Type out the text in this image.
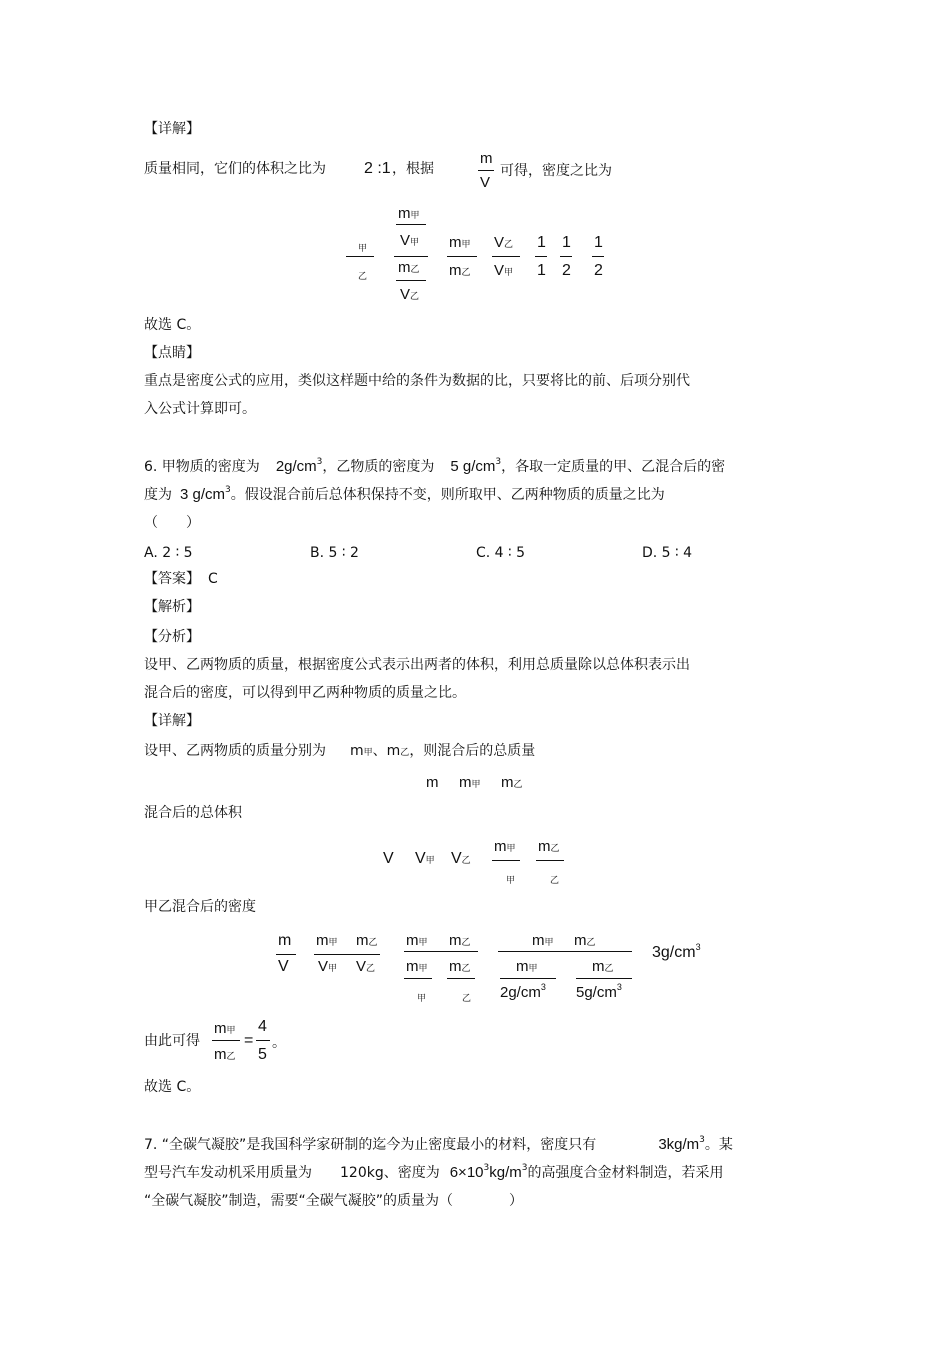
【详解】
质量相同，它们的体积之比为 2 :1 ，根据
m
V
可得，密度之比为
甲
乙
m甲
V甲
m乙
V乙
m甲
m乙
V乙
V甲
1
1
1
2
1
2
故选 C。
【点睛】
重点是密度公式的应用，类似这样题中给的条件为数据的比，只要将比的前、后项分别代
入公式计算即可。
6. 甲物质的密度为 $2g/cm^3$，乙物质的密度为 5 $g/cm^3$，各取一定质量的甲、乙混合后的密
度为 3 $g/cm^3$。假设混合前后总体积保持不变，则所取甲、乙两种物质的质量之比为
（　　）
A. 2 ∶ 5	B. 5 ∶ 2	C. 4 ∶ 5	D. 5 ∶ 4
【答案】 C
【解析】
【分析】
设甲、乙两物质的质量，根据密度公式表示出两者的体积，利用总质量除以总体积表示出
混合后的密度，可以得到甲乙两种物质的质量之比。
【详解】
设甲、乙两物质的质量分别为 m甲、m乙，则混合后的总质量
m m甲 m乙
混合后的总体积
V V甲 V乙
m甲
甲
m乙
乙
甲乙混合后的密度
m
V
m甲 m乙
V甲 V乙
m甲 m乙
m甲
甲
m乙
乙
m甲 m乙
m甲
$2g/cm^3$
m乙
$5g/cm^3$
$3g/cm^3$
由此可得
m甲
m乙
=
4
5
。
故选 C。
7. “全碳气凝胶”是我国科学家研制的迄今为止密度最小的材料，密度只有	$3kg/m^3$。某
型号汽车发动机采用质量为 120kg、密度为 $6\times 10^3kg/m^3$的高强度合金材料制造，若采用
“全碳气凝胶”制造，需要“全碳气凝胶”的质量为（　　　　）
